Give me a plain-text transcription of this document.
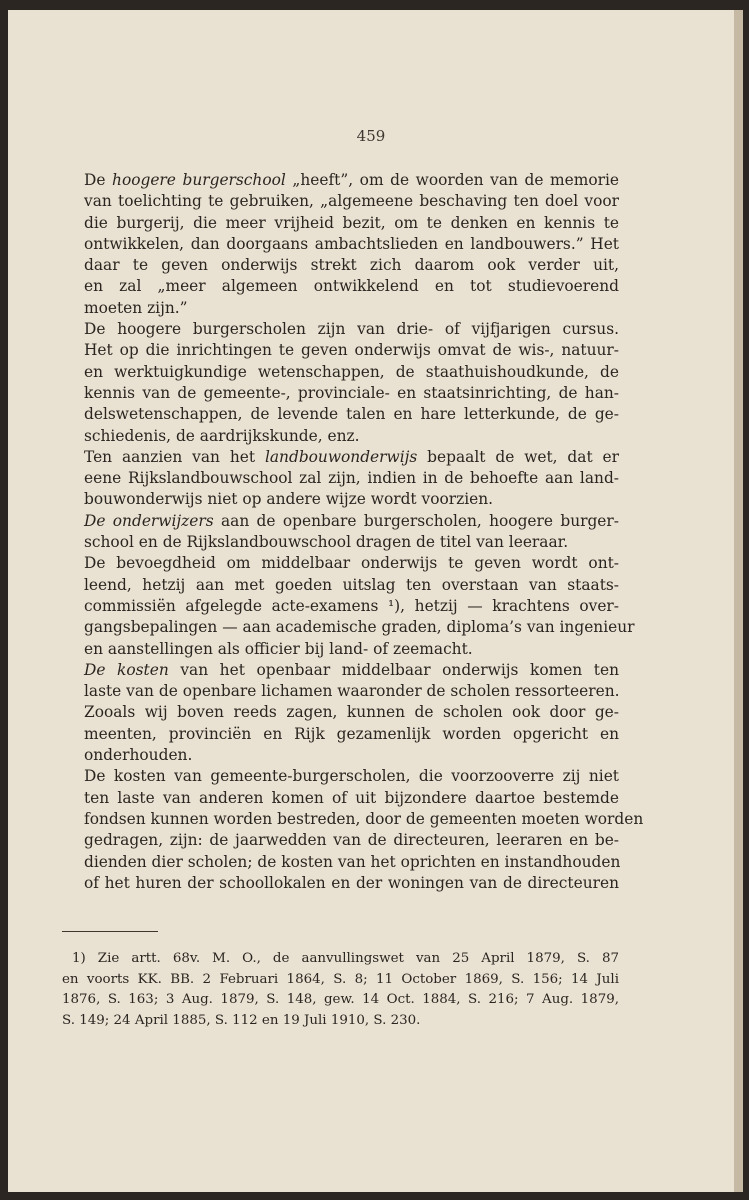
459

De hoogere burgerschool „heeft”, om de woorden van de memorie
van toelichting te gebruiken, „algemeene beschaving ten doel voor
die burgerij, die meer vrijheid bezit, om te denken en kennis te
ontwikkelen, dan doorgaans ambachtslieden en landbouwers.” Het
daar te geven onderwijs strekt zich daarom ook verder uit,
en zal „meer algemeen ontwikkelend en tot studievoerend
moeten zijn.”

De hoogere burgerscholen zijn van drie- of vijfjarigen cursus.
Het op die inrichtingen te geven onderwijs omvat de wis-, natuur-
en werktuigkundige wetenschappen, de staathuishoudkunde, de
kennis van de gemeente-, provinciale- en staatsinrichting, de han-
delswetenschappen, de levende talen en hare letterkunde, de ge-
schiedenis, de aardrijkskunde, enz.

Ten aanzien van het landbouwonderwijs bepaalt de wet, dat er
eene Rijkslandbouwschool zal zijn, indien in de behoefte aan land-
bouwonderwijs niet op andere wijze wordt voorzien.

De onderwijzers aan de openbare burgerscholen, hoogere burger-
school en de Rijkslandbouwschool dragen de titel van leeraar.

De bevoegdheid om middelbaar onderwijs te geven wordt ont-
leend, hetzij aan met goeden uitslag ten overstaan van staats-
commissiën afgelegde acte-examens ¹), hetzij — krachtens over-
gangsbepalingen — aan academische graden, diploma’s van ingenieur
en aanstellingen als officier bij land- of zeemacht.

De kosten van het openbaar middelbaar onderwijs komen ten
laste van de openbare lichamen waaronder de scholen ressorteeren.
Zooals wij boven reeds zagen, kunnen de scholen ook door ge-
meenten, provinciën en Rijk gezamenlijk worden opgericht en
onderhouden.

De kosten van gemeente-burgerscholen, die voorzooverre zij niet
ten laste van anderen komen of uit bijzondere daartoe bestemde
fondsen kunnen worden bestreden, door de gemeenten moeten worden
gedragen, zijn: de jaarwedden van de directeuren, leeraren en be-
dienden dier scholen; de kosten van het oprichten en instandhouden
of het huren der schoollokalen en der woningen van de directeuren

1) Zie artt. 68v. M. O., de aanvullingswet van 25 April 1879, S. 87
en voorts KK. BB. 2 Februari 1864, S. 8; 11 October 1869, S. 156; 14 Juli
1876, S. 163; 3 Aug. 1879, S. 148, gew. 14 Oct. 1884, S. 216; 7 Aug. 1879,
S. 149; 24 April 1885, S. 112 en 19 Juli 1910, S. 230.
